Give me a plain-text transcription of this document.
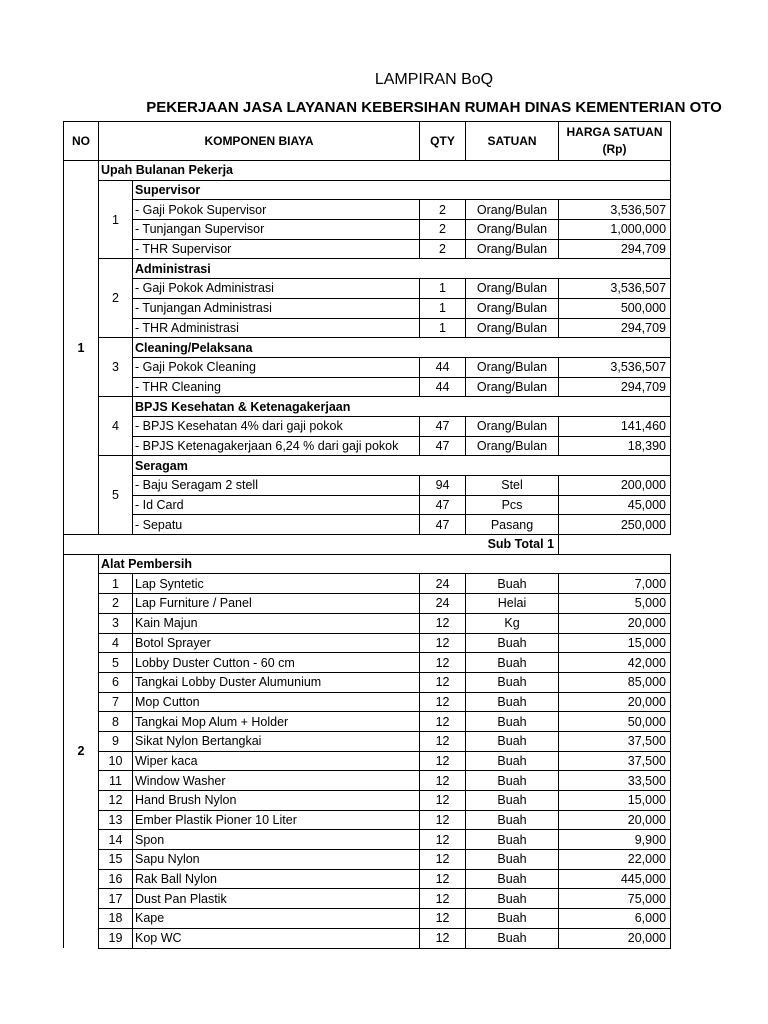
LAMPIRAN BoQ
PEKERJAAN JASA LAYANAN KEBERSIHAN RUMAH DINAS KEMENTERIAN OTO
NO	KOMPONEN BIAYA		QTY	SATUAN	HARGA SATUAN
(Rp)

1	Upah Bulanan Pekerja				
	1	Supervisor			
		- Gaji Pokok Supervisor	2	Orang/Bulan	3,536,507
		- Tunjangan Supervisor	2	Orang/Bulan	1,000,000
		- THR Supervisor	2	Orang/Bulan	294,709
	2	Administrasi			
		- Gaji Pokok Administrasi	1	Orang/Bulan	3,536,507
		- Tunjangan Administrasi	1	Orang/Bulan	500,000
		- THR Administrasi	1	Orang/Bulan	294,709
	3	Cleaning/Pelaksana			
		- Gaji Pokok Cleaning	44	Orang/Bulan	3,536,507
		- THR Cleaning	44	Orang/Bulan	294,709
	4	BPJS Kesehatan & Ketenagakerjaan			
		- BPJS Kesehatan 4% dari gaji pokok	47	Orang/Bulan	141,460
		- BPJS Ketenagakerjaan 6,24 % dari gaji pokok	47	Orang/Bulan	18,390
	5	Seragam			
		- Baju Seragam 2 stell	94	Stel	200,000
		- Id Card	47	Pcs	45,000
		- Sepatu	47	Pasang	250,000
Sub Total 1					
2	Alat Pembersih				
	1	Lap Syntetic	24	Buah	7,000
	2	Lap Furniture / Panel	24	Helai	5,000
	3	Kain Majun	12	Kg	20,000
	4	Botol Sprayer	12	Buah	15,000
	5	Lobby Duster Cutton - 60 cm	12	Buah	42,000
	6	Tangkai Lobby Duster Alumunium	12	Buah	85,000
	7	Mop Cutton	12	Buah	20,000
	8	Tangkai Mop Alum + Holder	12	Buah	50,000
	9	Sikat Nylon Bertangkai	12	Buah	37,500
	10	Wiper kaca	12	Buah	37,500
	11	Window Washer	12	Buah	33,500
	12	Hand Brush Nylon	12	Buah	15,000
	13	Ember Plastik Pioner 10 Liter	12	Buah	20,000
	14	Spon	12	Buah	9,900
	15	Sapu Nylon	12	Buah	22,000
	16	Rak Ball Nylon	12	Buah	445,000
	17	Dust Pan Plastik	12	Buah	75,000
	18	Kape	12	Buah	6,000
	19	Kop WC	12	Buah	20,000
